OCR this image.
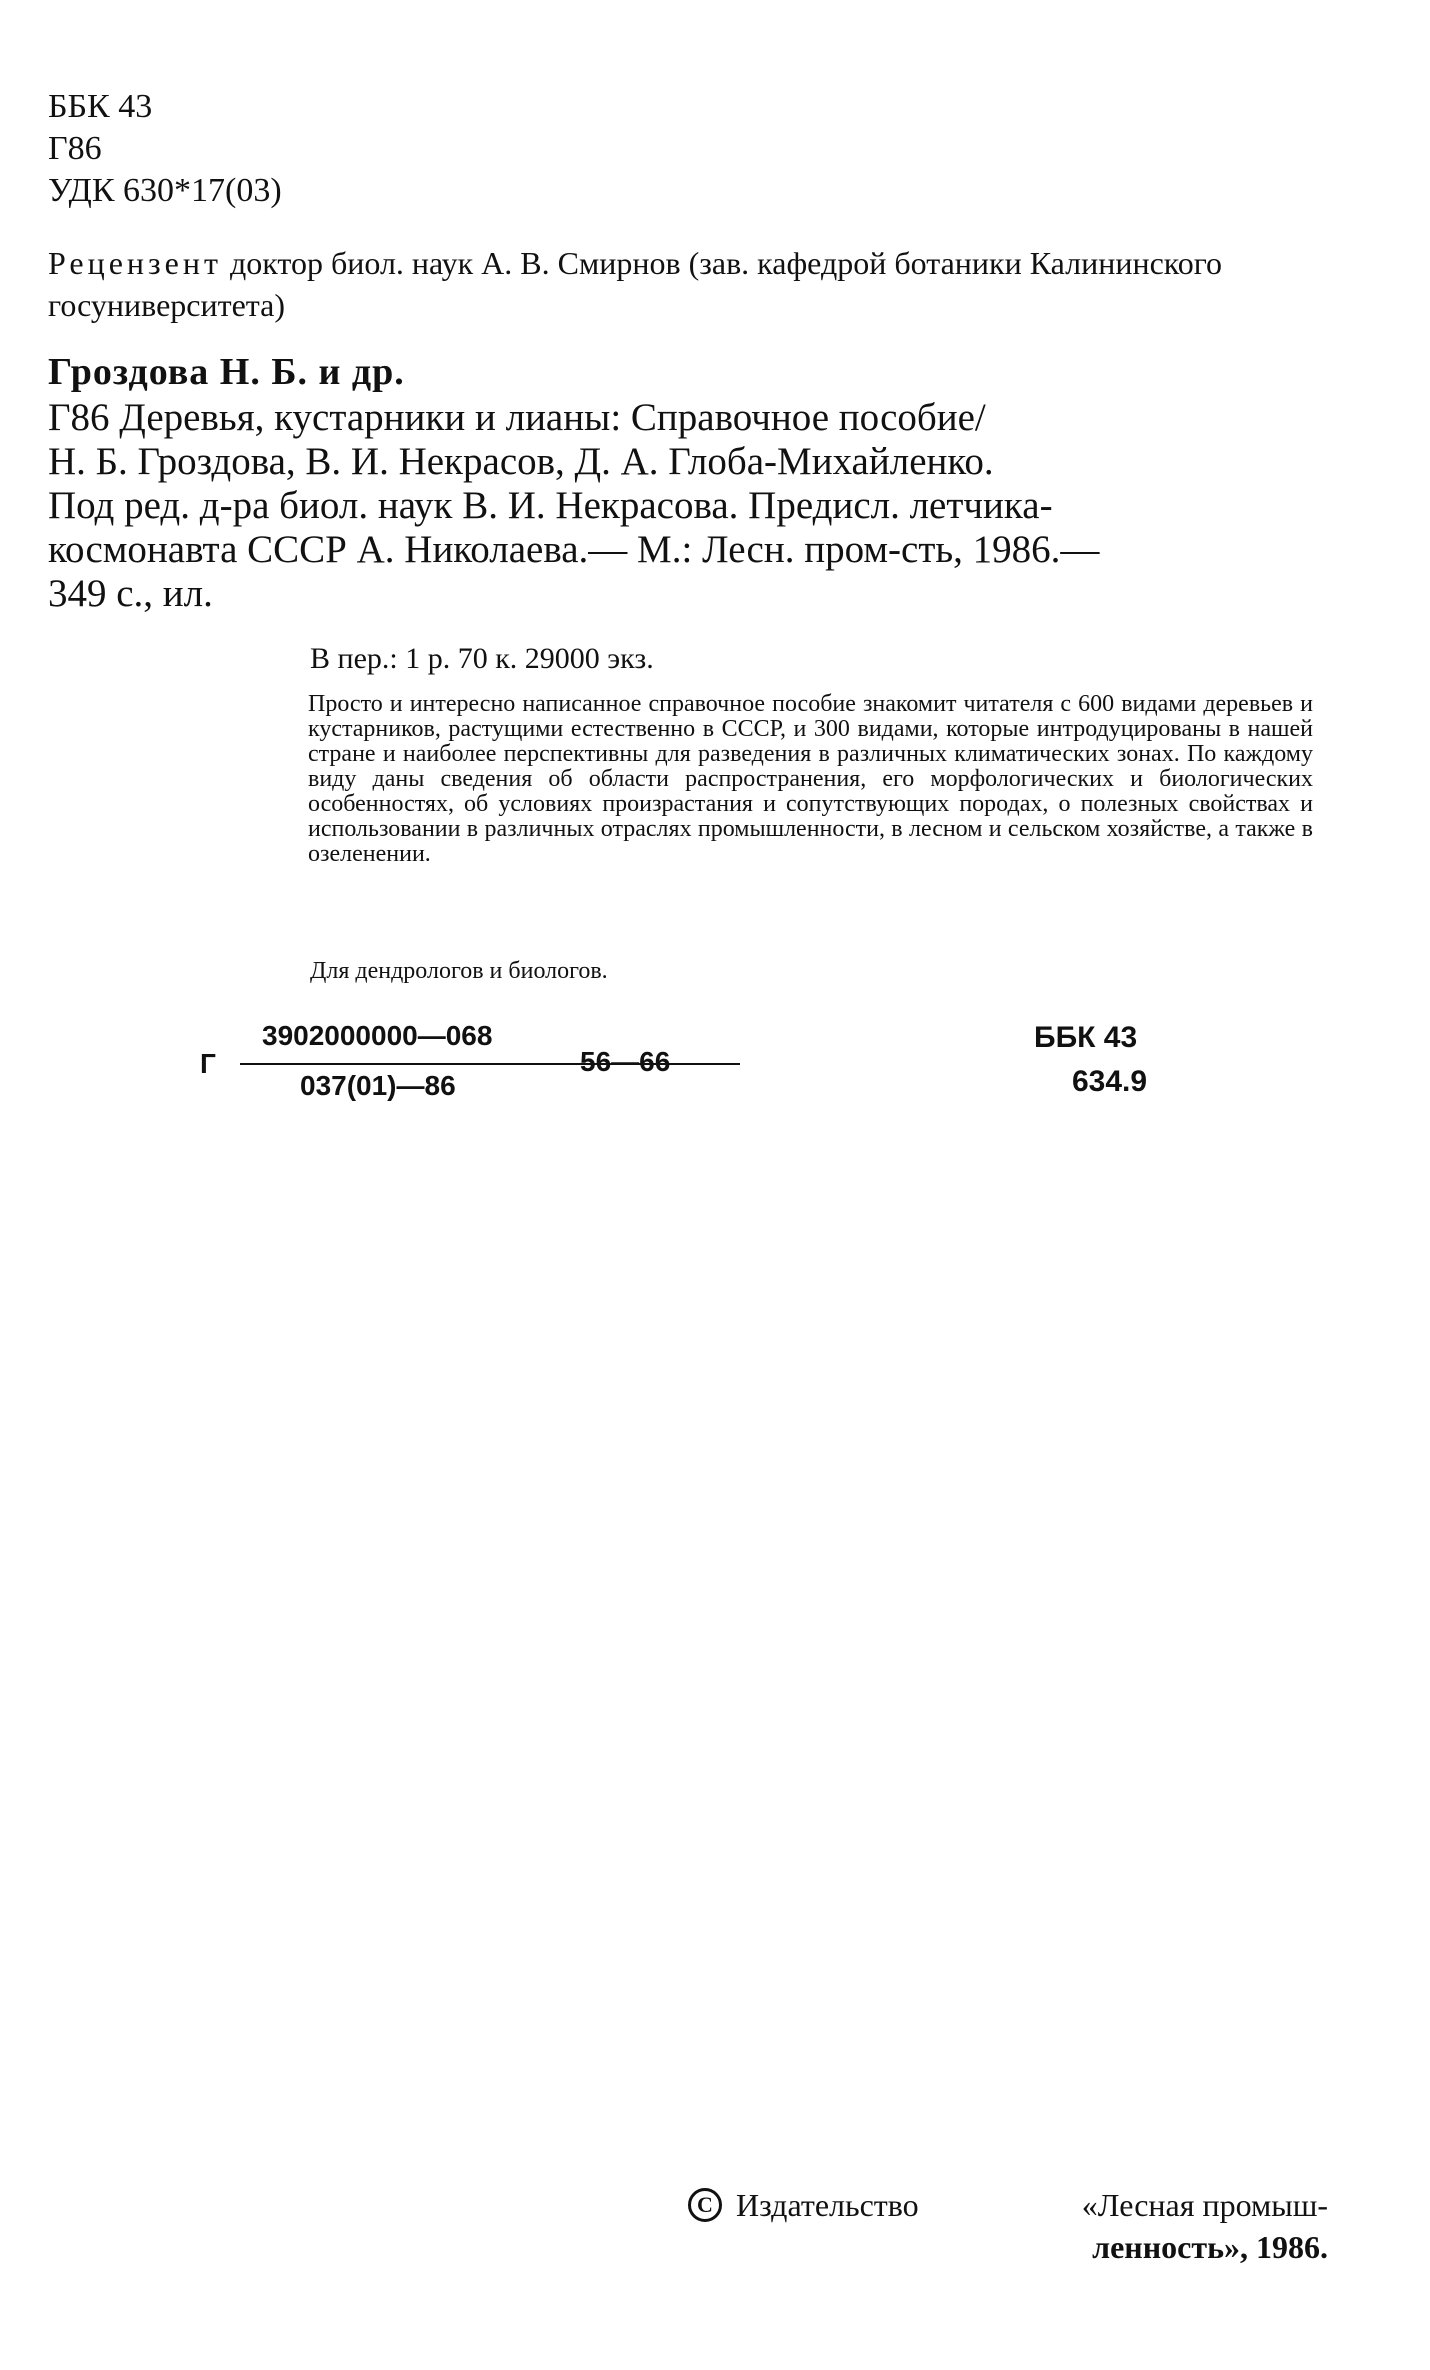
ББК 43
Г86
УДК 630*17(03)
Рецензент доктор биол. наук А. В. Смирнов (зав. кафедрой ботаники Калининского госуниверситета)
Гроздова Н. Б. и др.
Г86 Деревья, кустарники и лианы: Справочное пособие/
Н. Б. Гроздова, В. И. Некрасов, Д. А. Глоба-Михайленко.
Под ред. д-ра биол. наук В. И. Некрасова. Предисл. летчика-
космонавта СССР А. Николаева.— М.: Лесн. пром-сть, 1986.—
349 с., ил.
В пер.: 1 р. 70 к. 29000 экз.
Просто и интересно написанное справочное пособие знакомит читателя с 600 видами деревьев и кустарников, растущими естественно в СССР, и 300 видами, которые интродуцированы в нашей стране и наиболее перспективны для разведения в различных климатических зонах. По каждому виду даны сведения об области распространения, его морфологических и биологических особенностях, об условиях произрастания и сопутствующих породах, о полезных свойствах и использовании в различных отраслях промышленности, в лесном и сельском хозяйстве, а также в озеленении.
Для дендрологов и биологов.
Г
3902000000—068
037(01)—86
56—66
ББК 43
634.9
C Издательство	«Лесная промыш-
ленность», 1986.
